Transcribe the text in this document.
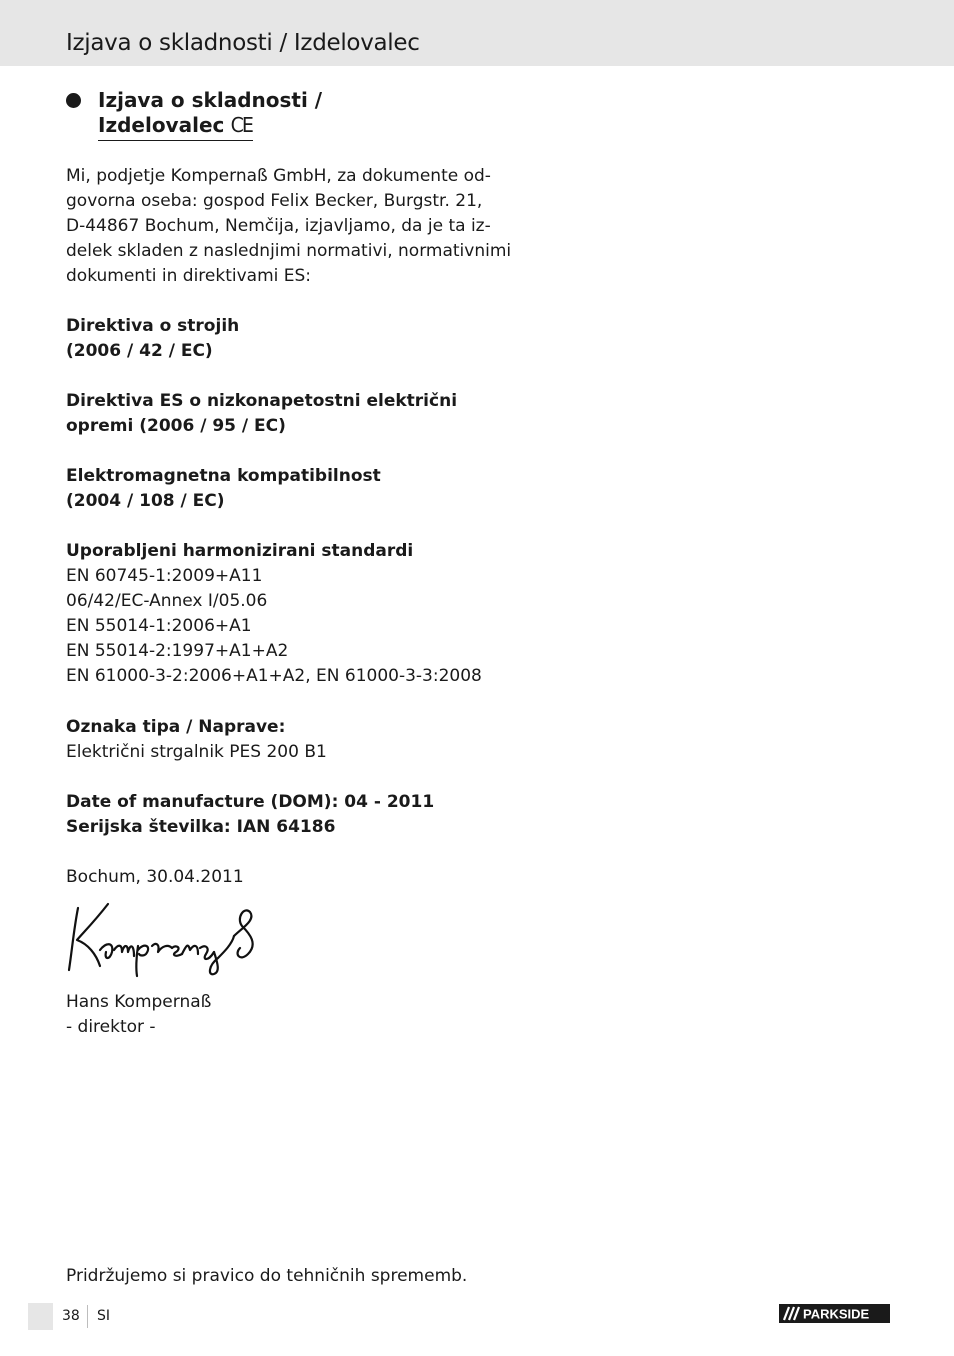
Izjava o skladnosti / Izdelovalec
Izjava o skladnosti /
Izdelovalec CE
Mi, podjetje Kompernaß GmbH, za dokumente od-
govorna oseba: gospod Felix Becker, Burgstr. 21,
D-44867 Bochum, Nemčija, izjavljamo, da je ta iz-
delek skladen z naslednjimi normativi, normativnimi
dokumenti in direktivami ES:
Direktiva o strojih
(2006 / 42 / EC)
Direktiva ES o nizkonapetostni električni
opremi (2006 / 95 / EC)
Elektromagnetna kompatibilnost
(2004 / 108 / EC)
Uporabljeni harmonizirani standardi
EN 60745-1:2009+A11
06/42/EC-Annex I/05.06
EN 55014-1:2006+A1
EN 55014-2:1997+A1+A2
EN 61000-3-2:2006+A1+A2, EN 61000-3-3:2008
Oznaka tipa / Naprave:
Električni strgalnik PES 200 B1
Date of manufacture (DOM): 04 - 2011
Serijska številka: IAN 64186
Bochum, 30.04.2011
Hans Kompernaß
- direktor -
Pridržujemo si pravico do tehničnih sprememb.
38 SI	PARKSIDE
